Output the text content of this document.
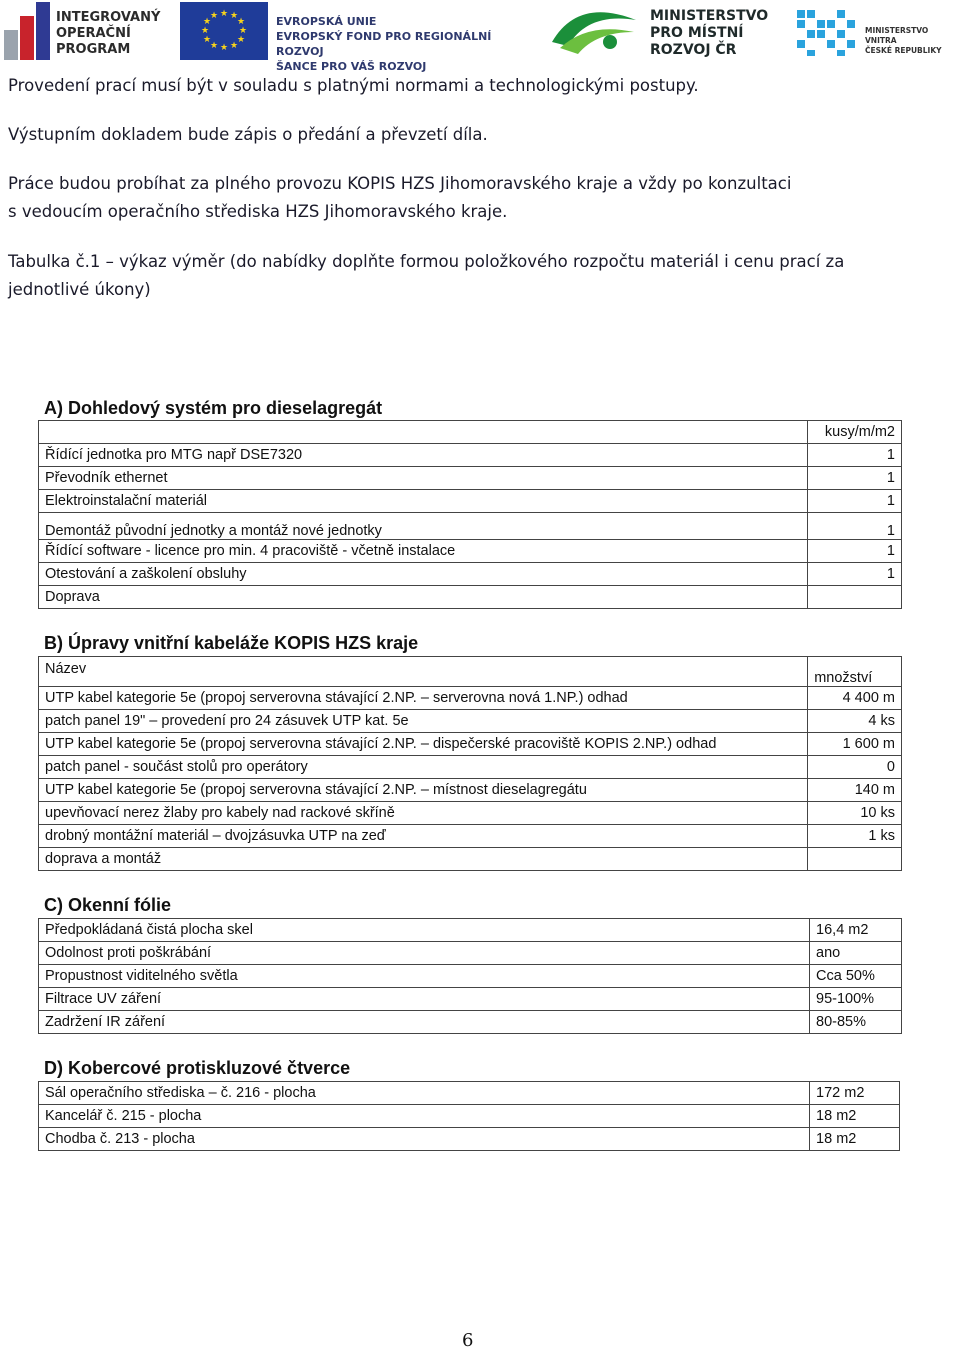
INTEGROVANÝ
OPERAČNÍ
PROGRAM
★ ★
★
★
★
★
★
★
★
★
★
★	EVROPSKÁ UNIE
EVROPSKÝ FOND PRO REGIONÁLNÍ ROZVOJ
ŠANCE PRO VÁŠ ROZVOJ
MINISTERSTVO
PRO MÍSTNÍ
ROZVOJ ČR
MINISTERSTVO VNITRA
ČESKÉ REPUBLIKY
Provedení prací musí být v souladu s platnými normami a technologickými postupy.
Výstupním dokladem bude zápis o předání a převzetí díla.
Práce budou probíhat za plného provozu KOPIS HZS Jihomoravského kraje a vždy po konzultaci
s vedoucím operačního střediska HZS Jihomoravského kraje.
Tabulka č.1 – výkaz výměr (do nabídky doplňte formou položkového rozpočtu materiál i cenu prací za
jednotlivé úkony)
A) Dohledový systém pro dieselagregát
	kusy/m/m2
Řídící jednotka pro MTG např DSE7320	1
Převodník ethernet	1
Elektroinstalační materiál	1
Demontáž původní jednotky a montáž nové jednotky	1
Řídící software - licence pro min. 4 pracoviště - včetně instalace	1
Otestování a zaškolení obsluhy	1
Doprava	
B) Úpravy vnitřní kabeláže KOPIS HZS kraje
Název	množství
UTP kabel kategorie 5e (propoj serverovna stávající 2.NP. – serverovna nová 1.NP.) odhad	4 400 m
patch panel 19" – provedení pro 24 zásuvek UTP kat. 5e	4 ks
UTP kabel kategorie 5e (propoj serverovna stávající 2.NP. – dispečerské pracoviště KOPIS 2.NP.) odhad	1 600 m
patch panel - součást stolů pro operátory	0
UTP kabel kategorie 5e (propoj serverovna stávající 2.NP. – místnost dieselagregátu	140 m
upevňovací nerez žlaby pro kabely nad rackové skříně	10 ks
drobný montážní materiál – dvojzásuvka UTP na zeď	1 ks
doprava a montáž	
C) Okenní fólie
Předpokládaná čistá plocha skel	16,4 m2
Odolnost proti poškrábání	ano
Propustnost viditelného světla	Cca 50%
Filtrace UV záření	95-100%
Zadržení IR záření	80-85%
D) Kobercové protiskluzové čtverce
Sál operačního střediska – č. 216 - plocha	172 m2
Kancelář č. 215 - plocha	18 m2
Chodba č. 213 - plocha	18 m2
6
